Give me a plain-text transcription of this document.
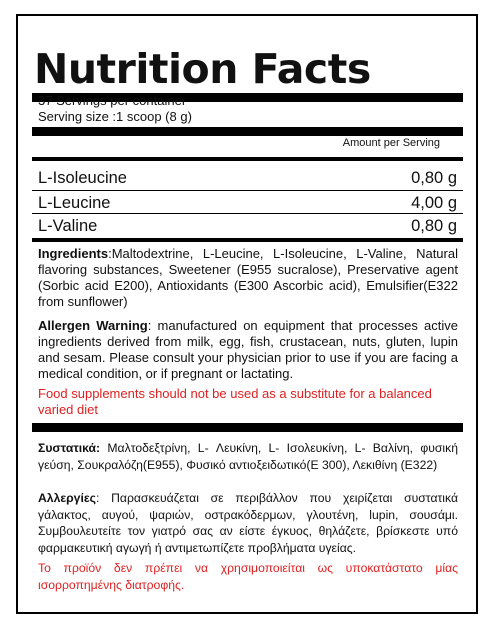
Nutrition Facts
37 Servings per container
Serving size :1 scoop (8 g)
Amount per Serving
L-Isoleucine	0,80 g
L-Leucine	4,00 g
L-Valine	0,80 g

Ingredients:Maltodextrine, L-Leucine, L-Isoleucine, L-Valine, Natural flavoring substances, Sweetener (E955 sucralose), Preservative agent (Sorbic acid E200), Antioxidants (E300 Ascorbic acid), Emulsifier(E322 from sunflower)

Allergen Warning: manufactured on equipment that processes active ingredients derived from milk, egg, fish, crustacean, nuts, gluten, lupin and sesam. Please consult your physician prior to use if you are facing a medical condition, or if pregnant or lactating.

Food supplements should not be used as a substitute for a balanced varied diet

Συστατικά: Μαλτοδεξτρίνη, L- Λευκίνη, L- Ισολευκίνη, L- Βαλίνη, φυσική γεύση, Σουκραλόζη(E955), Φυσικό αντιοξειδωτικό(Ε 300), Λεκιθίνη (E322)

Αλλεργίες: Παρασκευάζεται σε περιβάλλον που χειρίζεται συστατικά γάλακτος, αυγού, ψαριών, οστρακόδερμων, γλουτένη, lupin, σουσάμι. Συμβουλευτείτε τον γιατρό σας αν είστε έγκυος, θηλάζετε, βρίσκεστε υπό φαρμακευτική αγωγή ή αντιμετωπίζετε προβλήματα υγείας.

Το προϊόν δεν πρέπει να χρησιμοποιείται ως υποκατάστατο μίας ισορροπημένης διατροφής.
